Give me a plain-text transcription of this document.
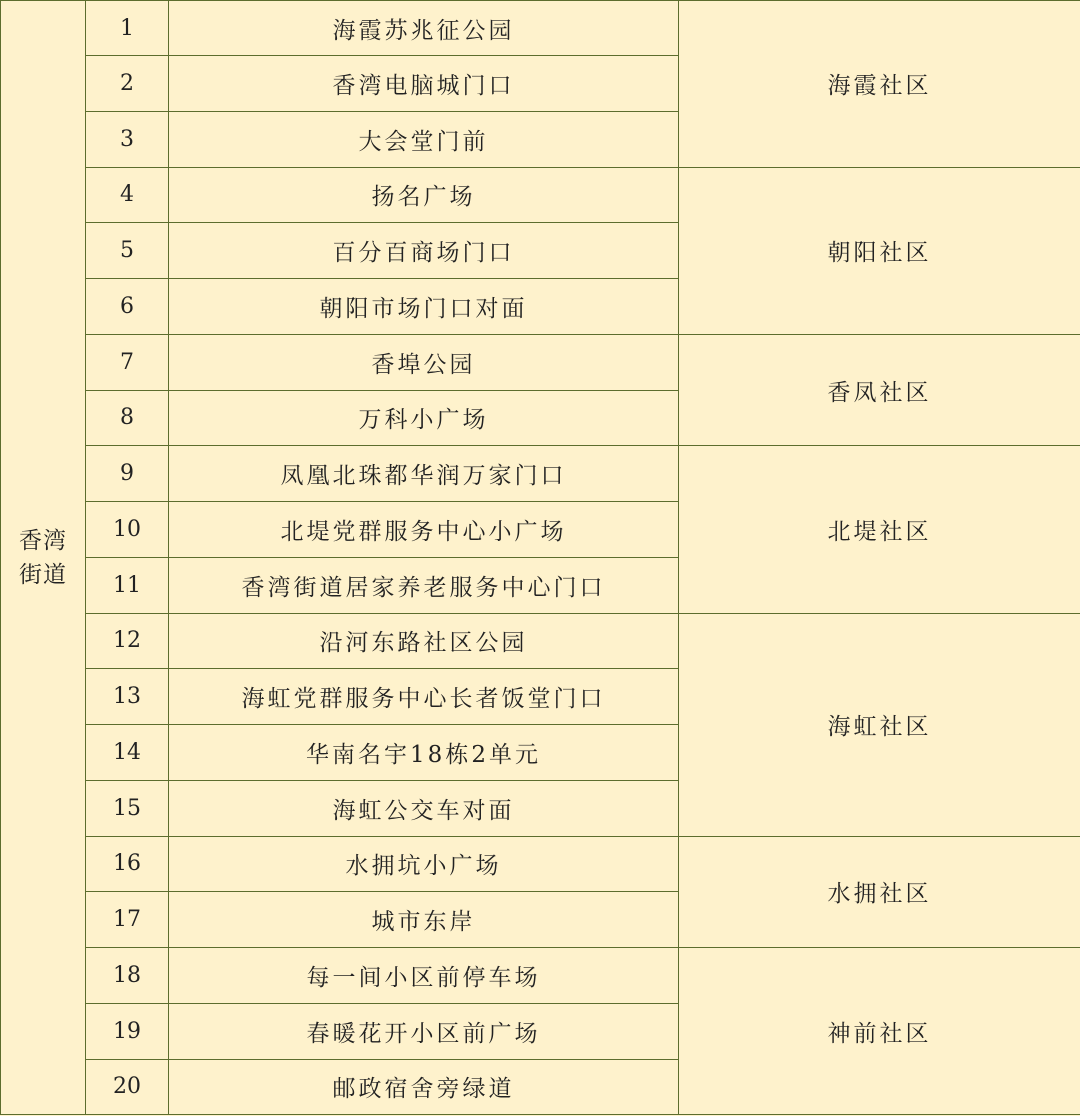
香湾
街道	1	海霞苏兆征公园	海霞社区
	2	香湾电脑城门口	
	3	大会堂门前	
	4	扬名广场	朝阳社区
	5	百分百商场门口	
	6	朝阳市场门口对面	
	7	香埠公园	香凤社区
	8	万科小广场	
	9	凤凰北珠都华润万家门口	北堤社区
	10	北堤党群服务中心小广场	
	11	香湾街道居家养老服务中心门口	
	12	沿河东路社区公园	海虹社区
	13	海虹党群服务中心长者饭堂门口	
	14	华南名宇18栋2单元	
	15	海虹公交车对面	
	16	水拥坑小广场	水拥社区
	17	城市东岸	
	18	每一间小区前停车场	神前社区
	19	春暖花开小区前广场	
	20	邮政宿舍旁绿道	
